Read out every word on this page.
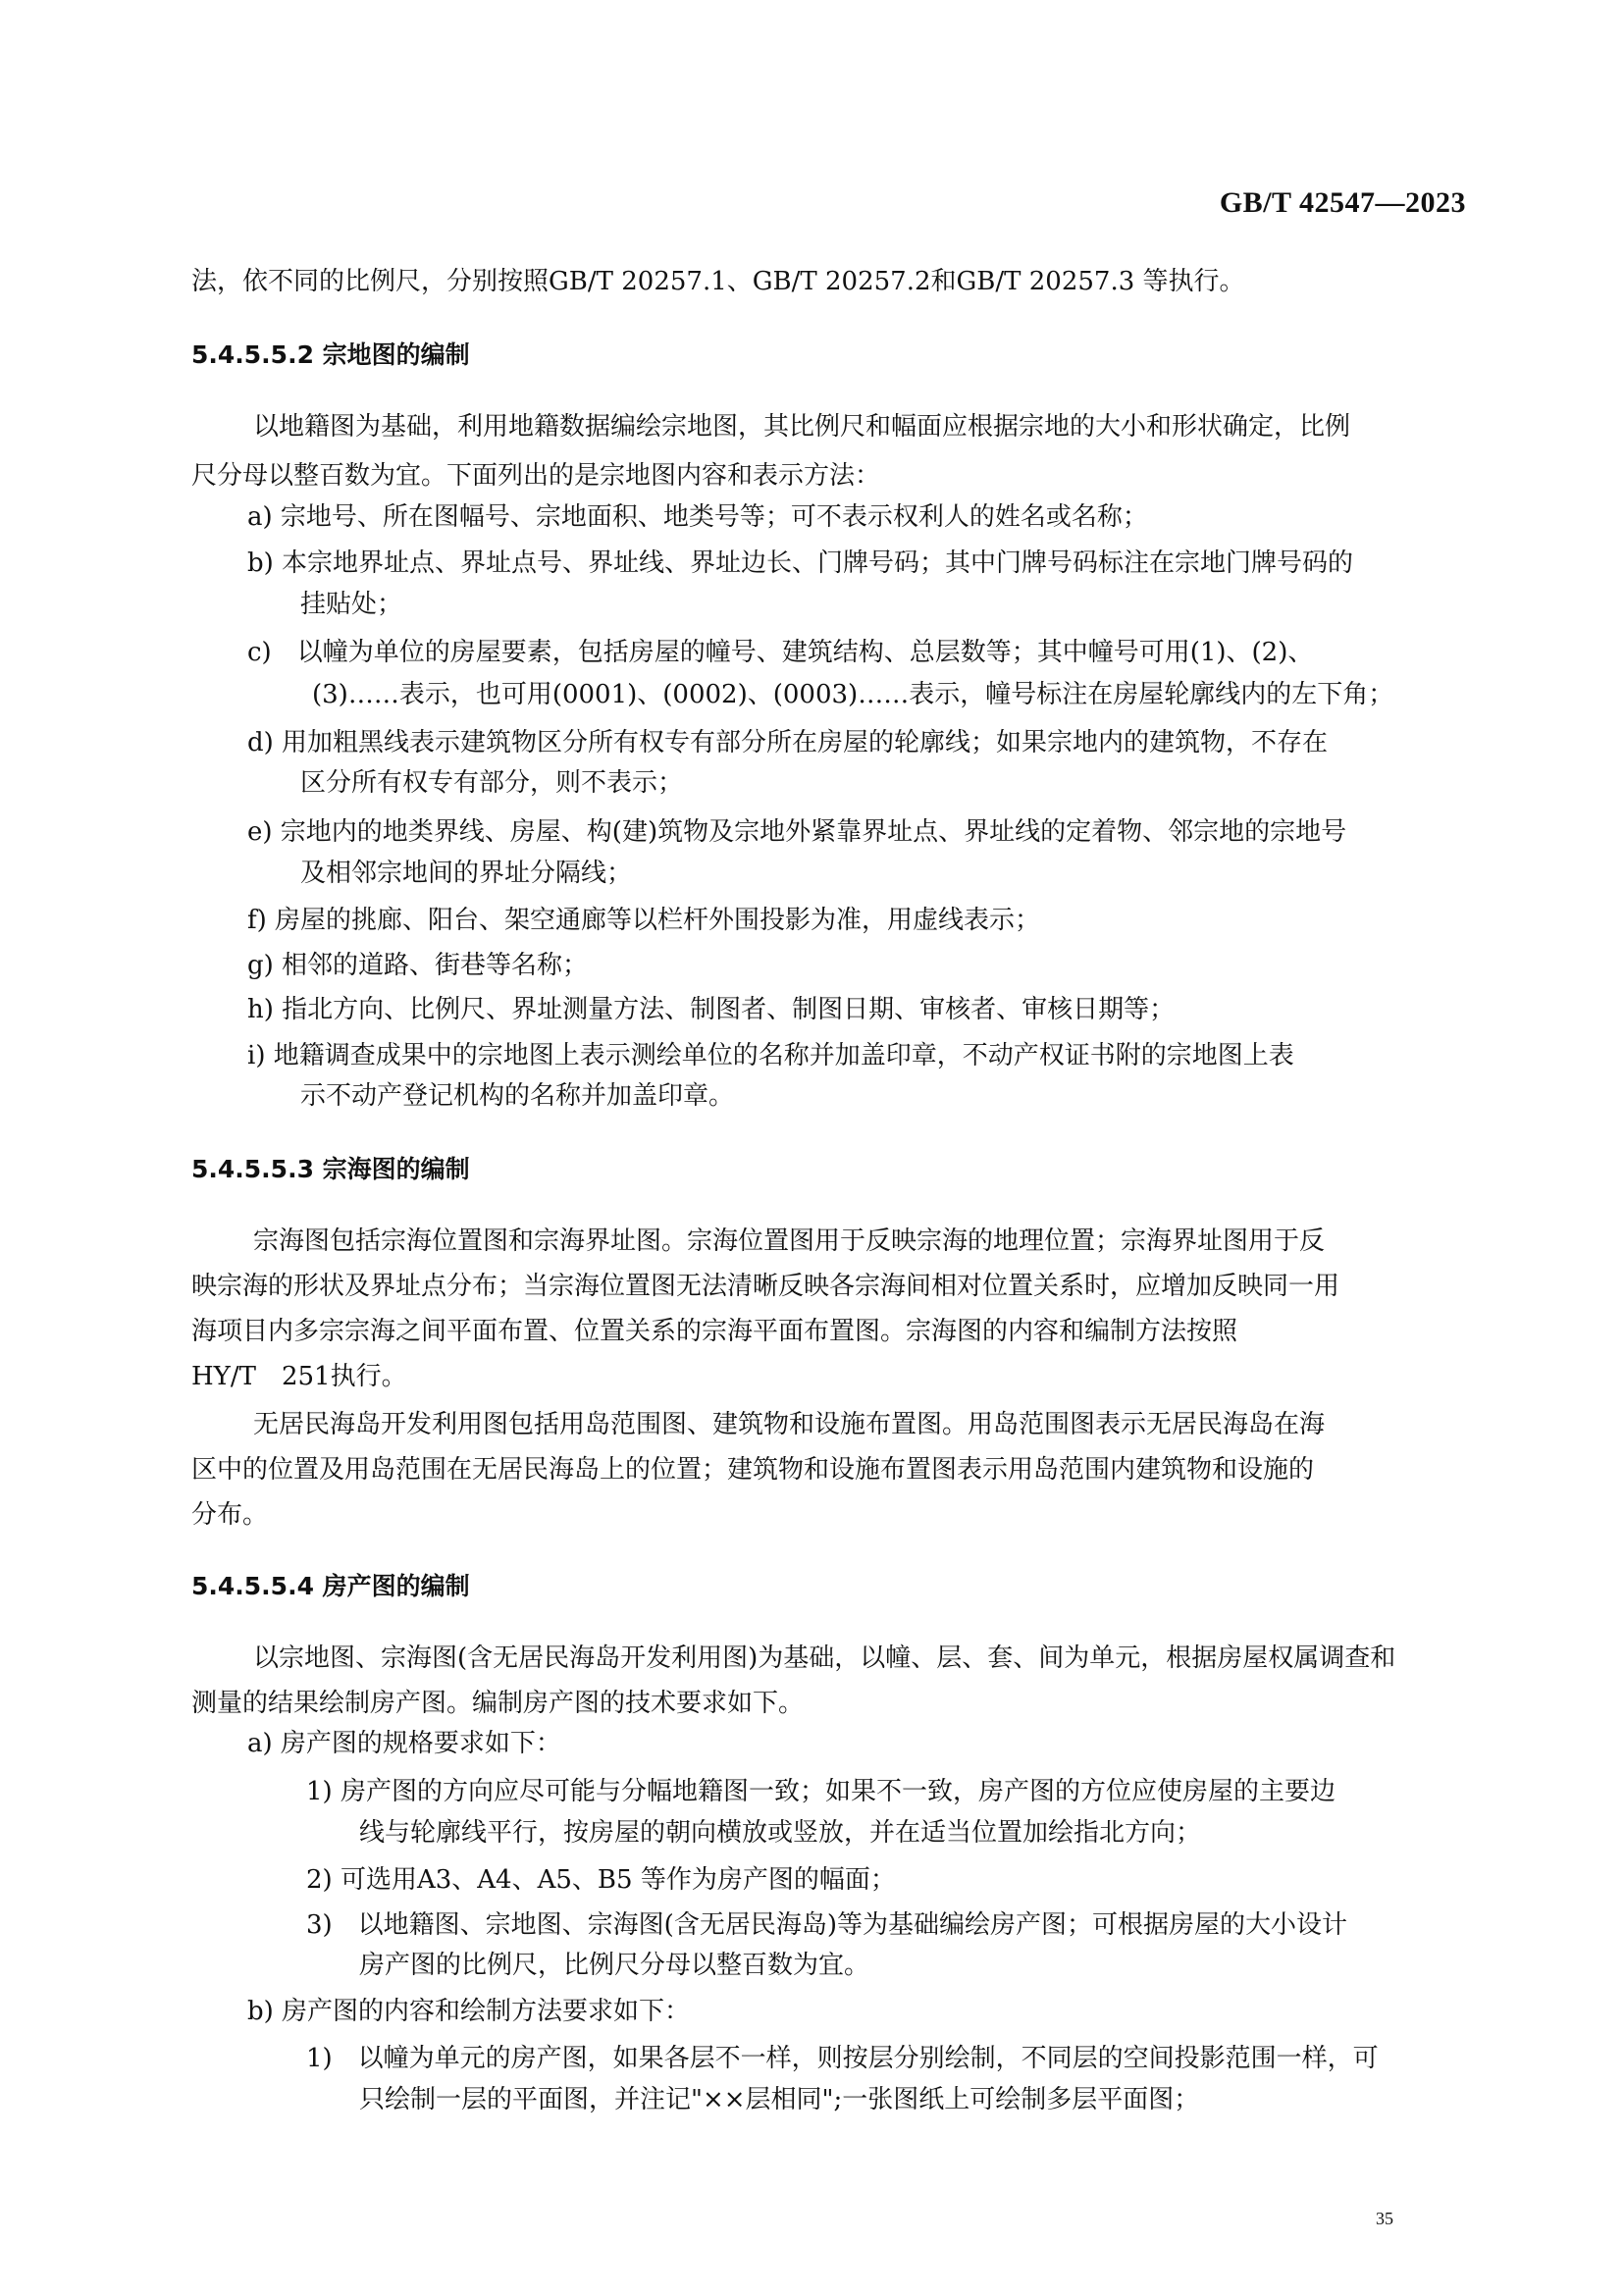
GB/T 42547—2023
法，依不同的比例尺，分别按照GB/T 20257.1、GB/T 20257.2和GB/T 20257.3 等执行。
5.4.5.5.2 宗地图的编制
以地籍图为基础，利用地籍数据编绘宗地图，其比例尺和幅面应根据宗地的大小和形状确定，比例
尺分母以整百数为宜。下面列出的是宗地图内容和表示方法：
a) 宗地号、所在图幅号、宗地面积、地类号等；可不表示权利人的姓名或名称；
b) 本宗地界址点、界址点号、界址线、界址边长、门牌号码；其中门牌号码标注在宗地门牌号码的
挂贴处；
c)　以幢为单位的房屋要素，包括房屋的幢号、建筑结构、总层数等；其中幢号可用(1)、(2)、
(3)……表示，也可用(0001)、(0002)、(0003)……表示，幢号标注在房屋轮廓线内的左下角；
d) 用加粗黑线表示建筑物区分所有权专有部分所在房屋的轮廓线；如果宗地内的建筑物，不存在
区分所有权专有部分，则不表示；
e) 宗地内的地类界线、房屋、构(建)筑物及宗地外紧靠界址点、界址线的定着物、邻宗地的宗地号
及相邻宗地间的界址分隔线；
f) 房屋的挑廊、阳台、架空通廊等以栏杆外围投影为准，用虚线表示；
g) 相邻的道路、街巷等名称；
h) 指北方向、比例尺、界址测量方法、制图者、制图日期、审核者、审核日期等；
i) 地籍调查成果中的宗地图上表示测绘单位的名称并加盖印章，不动产权证书附的宗地图上表
示不动产登记机构的名称并加盖印章。
5.4.5.5.3 宗海图的编制
宗海图包括宗海位置图和宗海界址图。宗海位置图用于反映宗海的地理位置；宗海界址图用于反
映宗海的形状及界址点分布；当宗海位置图无法清晰反映各宗海间相对位置关系时，应增加反映同一用
海项目内多宗宗海之间平面布置、位置关系的宗海平面布置图。宗海图的内容和编制方法按照
HY/T　251执行。
无居民海岛开发利用图包括用岛范围图、建筑物和设施布置图。用岛范围图表示无居民海岛在海
区中的位置及用岛范围在无居民海岛上的位置；建筑物和设施布置图表示用岛范围内建筑物和设施的
分布。
5.4.5.5.4 房产图的编制
以宗地图、宗海图(含无居民海岛开发利用图)为基础，以幢、层、套、间为单元，根据房屋权属调查和
测量的结果绘制房产图。编制房产图的技术要求如下。
a) 房产图的规格要求如下：
1) 房产图的方向应尽可能与分幅地籍图一致；如果不一致，房产图的方位应使房屋的主要边
线与轮廓线平行，按房屋的朝向横放或竖放，并在适当位置加绘指北方向；
2) 可选用A3、A4、A5、B5 等作为房产图的幅面；
3)　以地籍图、宗地图、宗海图(含无居民海岛)等为基础编绘房产图；可根据房屋的大小设计
房产图的比例尺，比例尺分母以整百数为宜。
b) 房产图的内容和绘制方法要求如下：
1)　以幢为单元的房产图，如果各层不一样，则按层分别绘制，不同层的空间投影范围一样，可
只绘制一层的平面图，并注记"××层相同";一张图纸上可绘制多层平面图；
35
